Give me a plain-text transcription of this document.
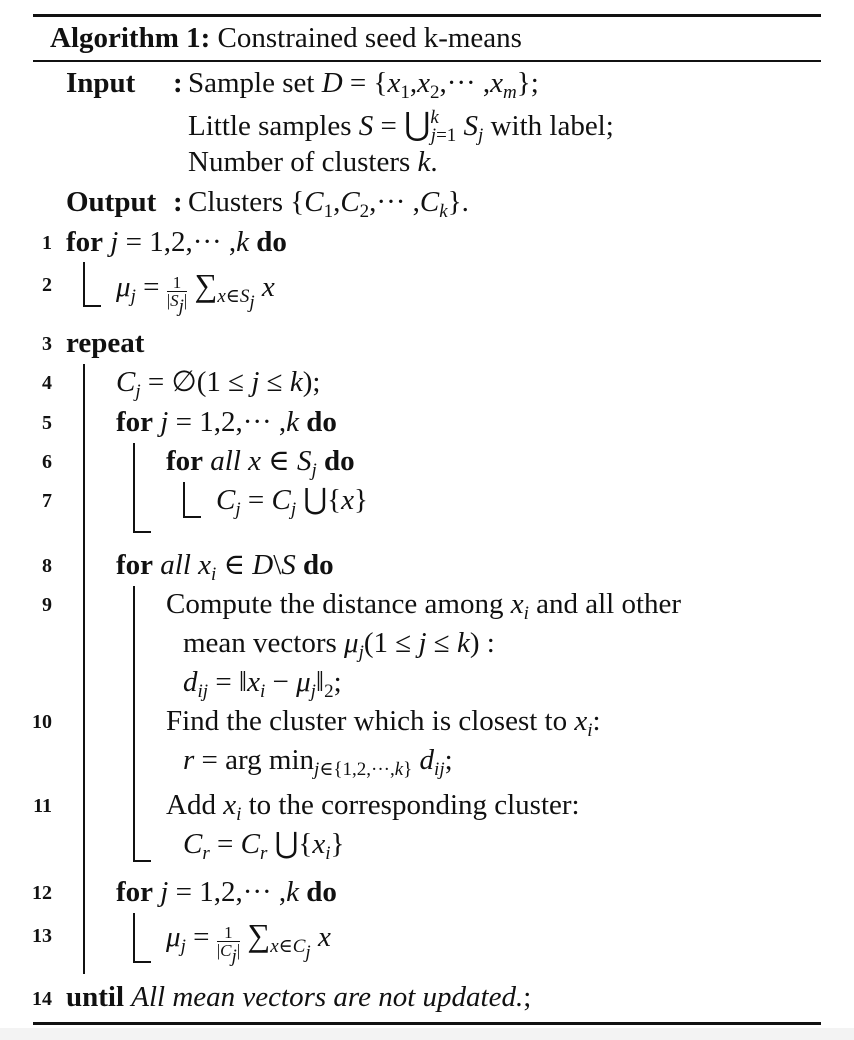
Algorithm 1: Constrained seed k-means
Input : Sample set $D = \{x_1,x_2,\cdot\cdot\cdot ,x_m\}$;
Little samples S = ⋃$^k_{j=1}$ $S_j$ with label;
Number of clusters k.
Output : Clusters $\{C_1,C_2,\cdot\cdot\cdot ,C_k\}$.
1
2
3
4
5
6
7
8
9
10
11
12
13
14
for j = 1,2,··· ,k do
$\mu_j = \frac{1}{|S_j|} \sum_{x\in S_j}$ x
repeat
$C_j$ = ∅(1 ≤ j ≤ k);
for j = 1,2,··· ,k do
for all x ∈ $S_j$ do
$C_j = C_j$ ⋃{x}
for all $x_i$ ∈ D\S do
Compute the distance among $x_i$ and all other
mean vectors $\mu_j(1 \le j \le k)$ :
$d_{ij}$ = $‖x_i$ − $\mu_j‖_2$;
Find the cluster which is closest to $x_i$:
r = arg $\min_{j\in\{1,2,\cdot\cdot\cdot,k\}} d_{ij}$;
Add $x_i$ to the corresponding cluster:
$C_r = C_r$ $⋃\{x_i\}$
for j = 1,2,··· ,k do
$\mu_j = \frac{1}{|C_j|} \sum_{x\in C_j}$ x
until All mean vectors are not updated.;
